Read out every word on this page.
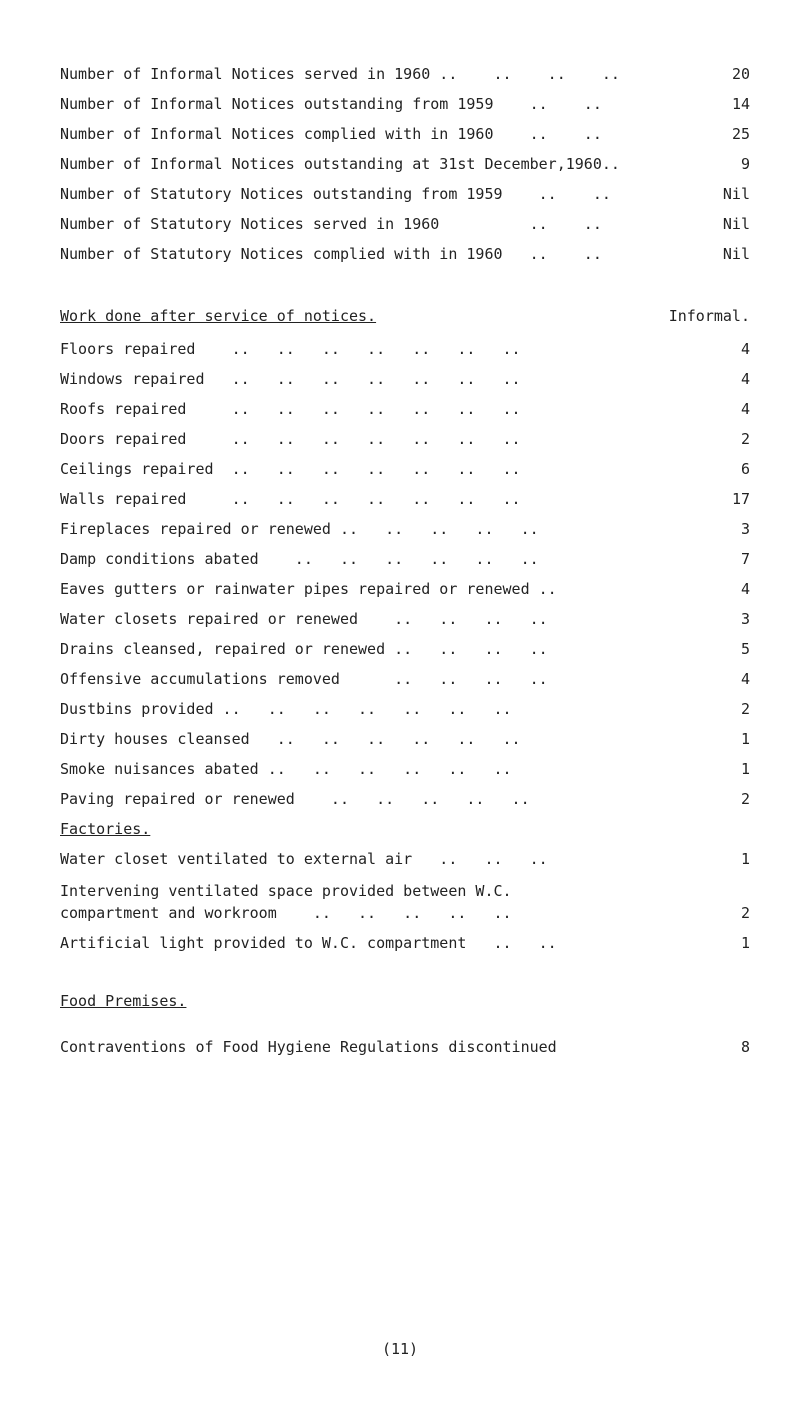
Number of Informal Notices served in 1960 ..    ..    ..    ..	20
Number of Informal Notices outstanding from 1959    ..    ..	14
Number of Informal Notices complied with in 1960    ..    ..	25
Number of Informal Notices outstanding at 31st December,1960..	9
Number of Statutory Notices outstanding from 1959    ..    ..	Nil
Number of Statutory Notices served in 1960          ..    ..	Nil
Number of Statutory Notices complied with in 1960   ..    ..	Nil
Work done after service of notices.	Informal.
Floors repaired    ..   ..   ..   ..   ..   ..   ..	4
Windows repaired   ..   ..   ..   ..   ..   ..   ..	4
Roofs repaired     ..   ..   ..   ..   ..   ..   ..	4
Doors repaired     ..   ..   ..   ..   ..   ..   ..	2
Ceilings repaired  ..   ..   ..   ..   ..   ..   ..	6
Walls repaired     ..   ..   ..   ..   ..   ..   ..	17
Fireplaces repaired or renewed ..   ..   ..   ..   ..	3
Damp conditions abated    ..   ..   ..   ..   ..   ..	7
Eaves gutters or rainwater pipes repaired or renewed ..	4
Water closets repaired or renewed    ..   ..   ..   ..	3
Drains cleansed, repaired or renewed ..   ..   ..   ..	5
Offensive accumulations removed      ..   ..   ..   ..	4
Dustbins provided ..   ..   ..   ..   ..   ..   ..	2
Dirty houses cleansed   ..   ..   ..   ..   ..   ..	1
Smoke nuisances abated ..   ..   ..   ..   ..   ..	1
Paving repaired or renewed    ..   ..   ..   ..   ..	2
Factories.
Water closet ventilated to external air   ..   ..   ..	1
Intervening ventilated space provided between W.C.
compartment and workroom    ..   ..   ..   ..   ..	2
Artificial light provided to W.C. compartment   ..   ..	1
Food Premises.
Contraventions of Food Hygiene Regulations discontinued	8
(11)
